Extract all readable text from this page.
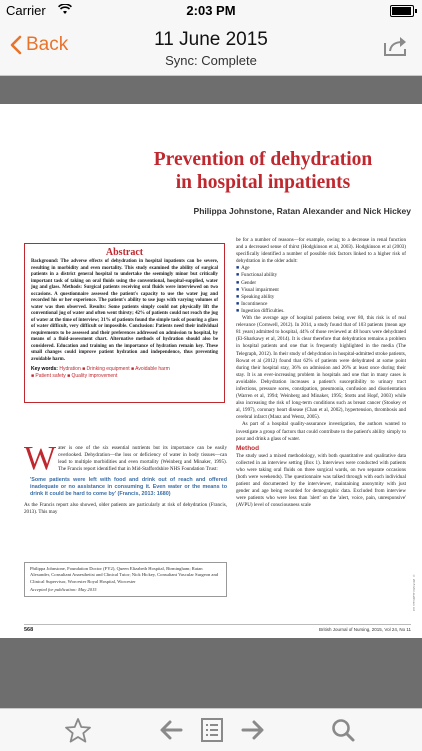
Carrier	2:03 PM
Back	11 June 2015
Sync: Complete
Prevention of dehydration
in hospital inpatients
Philippa Johnstone, Ratan Alexander and Nick Hickey
Abstract
Background: The adverse effects of dehydration in hospital inpatients can be severe, resulting in morbidity and even mortality. This study examined the ability of surgical patients in a district general hospital to undertake the seemingly minor but critically important task of taking on oral fluids using the conventional, hospital-supplied, water jug and glass. Methods: Surgical patients receiving oral fluids were interviewed on two occasions. A questionnaire assessed the patient's capacity to use the water jug and recorded his or her experience. The patient's ability to use jugs with varying volumes of water was then observed. Results: Some patients simply could not physically lift the conventional jug of water and often went thirsty; 42% of patients could not reach the jug of water at the time of interview; 31% of patients found the simple task of pouring a glass of water difficult, very difficult or impossible. Conclusion: Patients need their individual requirements to be assessed and their preferences addressed on admission to hospital, by means of a fluid-assessment chart. Alternative methods of hydration should also be considered. Education and training on the importance of hydration remain key. These small changes could improve patient hydration and independence, thus preventing avoidable harm.
Key words: Hydration ■ Drinking equipment ■ Avoidable harm
■ Patient safety ■ Quality improvement
W ater is one of the six essential nutrients but its importance can be easily overlooked. Dehydration—the loss or deficiency of water in body tissues—can lead to multiple morbidities and even mortality (Weinberg and Minaker, 1995). The Francis report identified that in Mid-Staffordshire NHS Foundation Trust:
'Some patients were left with food and drink out of reach and offered inadequate or no assistance in consuming it. Even water or the means to drink it could be hard to come by' (Francis, 2013: 1680)

As the Francis report also showed, older patients are particularly at risk of dehydration (Francis, 2013). This may

Philippa Johnstone, Foundation Doctor (FY2), Queen Elizabeth Hospital, Birmingham; Ratan Alexander, Consultant Anaesthetist and Clinical Tutor; Nick Hickey, Consultant Vascular Surgeon and Clinical Supervisor, Worcester Royal Hospital, Worcester
Accepted for publication: May 2015

be for a number of reasons—for example, owing to a decrease in renal function and a decreased sense of thirst (Hodgkinson et al, 2003). Hodgkinson et al (2003) specifically identified a number of possible risk factors linked to a higher risk of dehydration in the older adult:

■ Age
■ Functional ability
■ Gender
■ Visual impairment
■ Speaking ability
■ Incontinence
■ Ingestion difficulties.

With the average age of hospital patients being over 80, this risk is of real relevance (Cornwell, 2012). In 2014, a study found that of 103 patients (mean age 81 years) admitted to hospital, 44% of those reviewed at 48 hours were dehydrated (El-Sharkawy et al, 2014). It is clear therefore that dehydration remains a problem in hospital patients and one that is frequently highlighted in the media (The Telegraph, 2012). In their study of dehydration in hospital-admitted stroke patients, Rowat et al (2012) found that 62% of patients were dehydrated at some point during their hospital stay, 36% on admission and 26% at least once during their stay. It is an ever-increasing problem in hospitals and one that in many cases is avoidable. Dehydration increases a patient's susceptibility to urinary tract infections, pressure sores, constipation, pneumonia, confusion and disorientation (Warren et al, 1994; Weinberg and Minaker, 1995; Stotts and Hopf, 2003) while also increasing the risk of long-term conditions such as breast cancer (Stookey et al, 1997), coronary heart disease (Chan et al, 2002), hypertension, thrombosis and cerebral infarct (Manz and Wentz, 2005).

As part of a hospital quality-assurance investigation, the authors wanted to investigate a group of factors that could contribute to the patient's ability simply to pour and drink a glass of water.

Method

The study used a mixed methodology, with both quantitative and qualitative data collected in an interview setting (Box 1). Interviews were conducted with patients who were taking oral fluids on three surgical wards, on two separate occasions (both were weekends). The questionnaire was talked through with each individual patient and documented by the interviewer, maintaining anonymity with just gender and age being recorded for demographic data. Excluded from interview were patients who were less than 'alert' on the 'alert, voice, pain, unresponsive' (AVPU) level of consciousness scale

© 2015 MA Healthcare Ltd
568	British Journal of Nursing, 2015, Vol 24, No 11
